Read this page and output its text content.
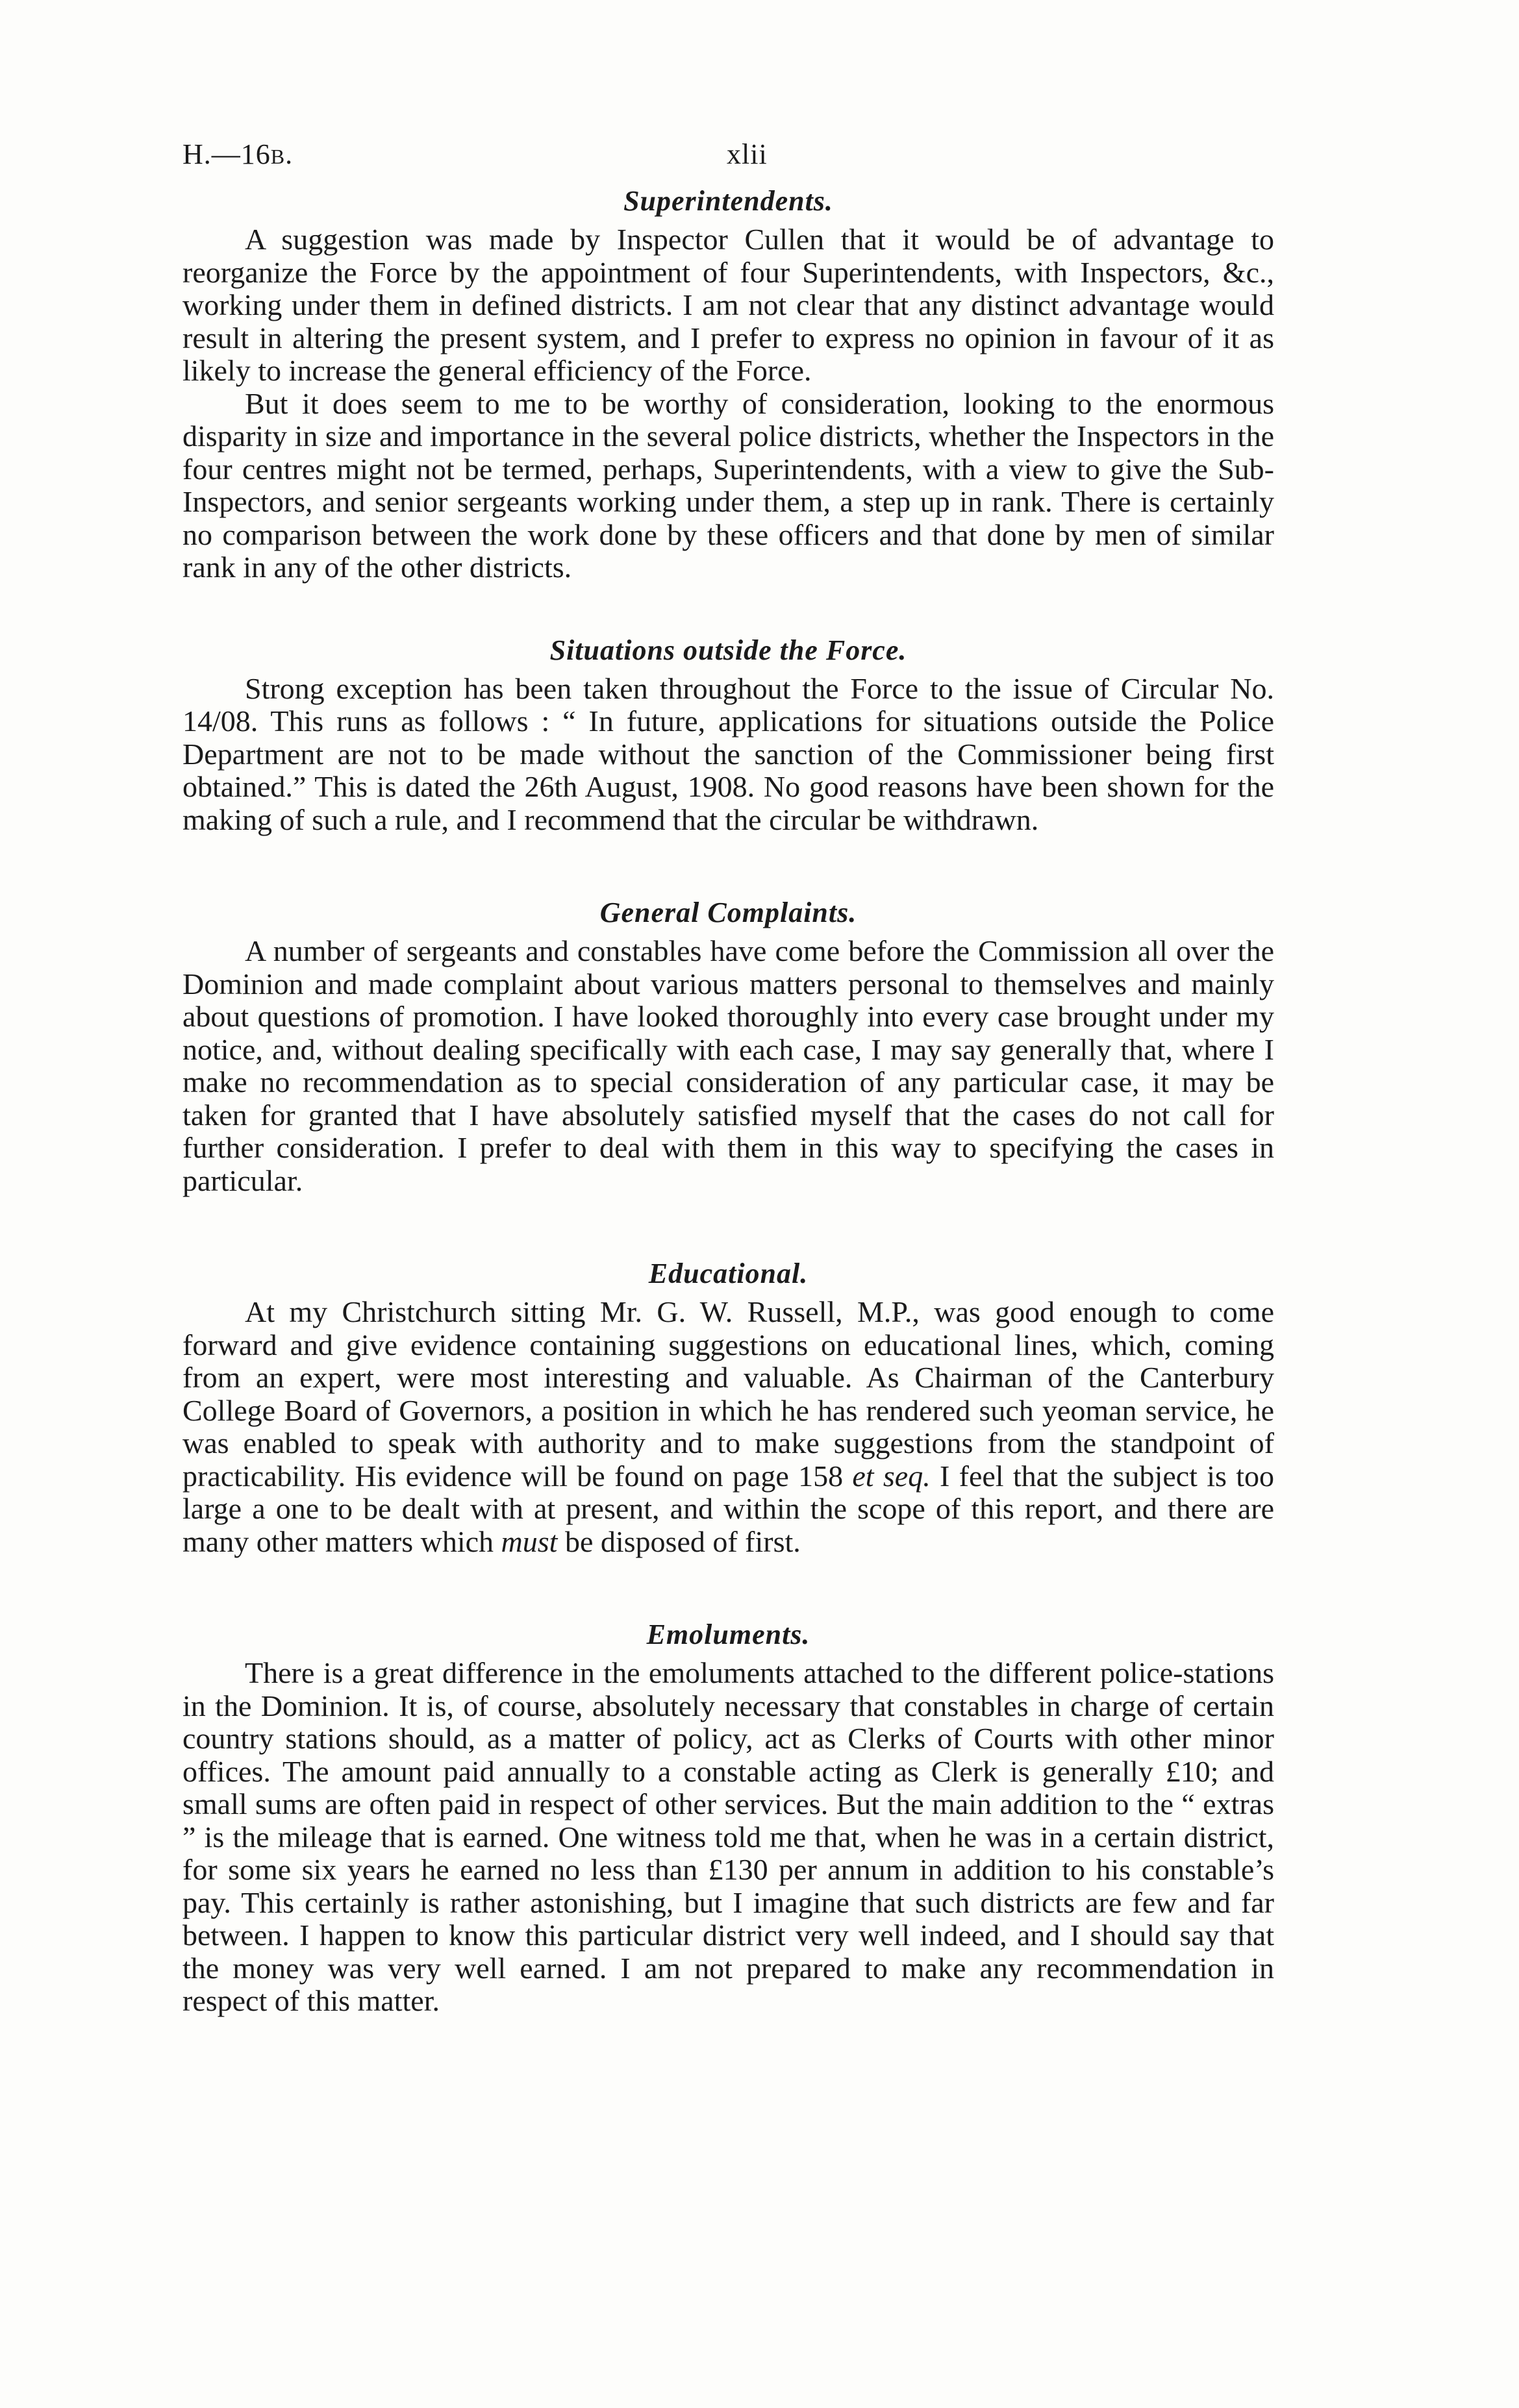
H.—16B.	xlii
Superintendents.

A suggestion was made by Inspector Cullen that it would be of advantage to reorganize the Force by the appointment of four Superintendents, with Inspectors, &c., working under them in defined districts. I am not clear that any distinct advantage would result in altering the present system, and I prefer to express no opinion in favour of it as likely to increase the general efficiency of the Force.

But it does seem to me to be worthy of consideration, looking to the enormous disparity in size and importance in the several police districts, whether the Inspectors in the four centres might not be termed, perhaps, Superintendents, with a view to give the Sub-Inspectors, and senior sergeants working under them, a step up in rank. There is certainly no comparison between the work done by these officers and that done by men of similar rank in any of the other districts.

Situations outside the Force.

Strong exception has been taken throughout the Force to the issue of Circular No. 14/08. This runs as follows : “ In future, applications for situations outside the Police Department are not to be made without the sanction of the Commissioner being first obtained.” This is dated the 26th August, 1908. No good reasons have been shown for the making of such a rule, and I recommend that the circular be withdrawn.

General Complaints.

A number of sergeants and constables have come before the Commission all over the Dominion and made complaint about various matters personal to themselves and mainly about questions of promotion. I have looked thoroughly into every case brought under my notice, and, without dealing specifically with each case, I may say generally that, where I make no recommendation as to special consideration of any particular case, it may be taken for granted that I have absolutely satisfied myself that the cases do not call for further consideration. I prefer to deal with them in this way to specifying the cases in particular.

Educational.

At my Christchurch sitting Mr. G. W. Russell, M.P., was good enough to come forward and give evidence containing suggestions on educational lines, which, coming from an expert, were most interesting and valuable. As Chairman of the Canterbury College Board of Governors, a position in which he has rendered such yeoman service, he was enabled to speak with authority and to make suggestions from the standpoint of practicability. His evidence will be found on page 158 et seq. I feel that the subject is too large a one to be dealt with at present, and within the scope of this report, and there are many other matters which must be disposed of first.

Emoluments.

There is a great difference in the emoluments attached to the different police-stations in the Dominion. It is, of course, absolutely necessary that constables in charge of certain country stations should, as a matter of policy, act as Clerks of Courts with other minor offices. The amount paid annually to a constable acting as Clerk is generally £10; and small sums are often paid in respect of other services. But the main addition to the “ extras ” is the mileage that is earned. One witness told me that, when he was in a certain district, for some six years he earned no less than £130 per annum in addition to his constable’s pay. This certainly is rather astonishing, but I imagine that such districts are few and far between. I happen to know this particular district very well indeed, and I should say that the money was very well earned. I am not prepared to make any recommendation in respect of this matter.
